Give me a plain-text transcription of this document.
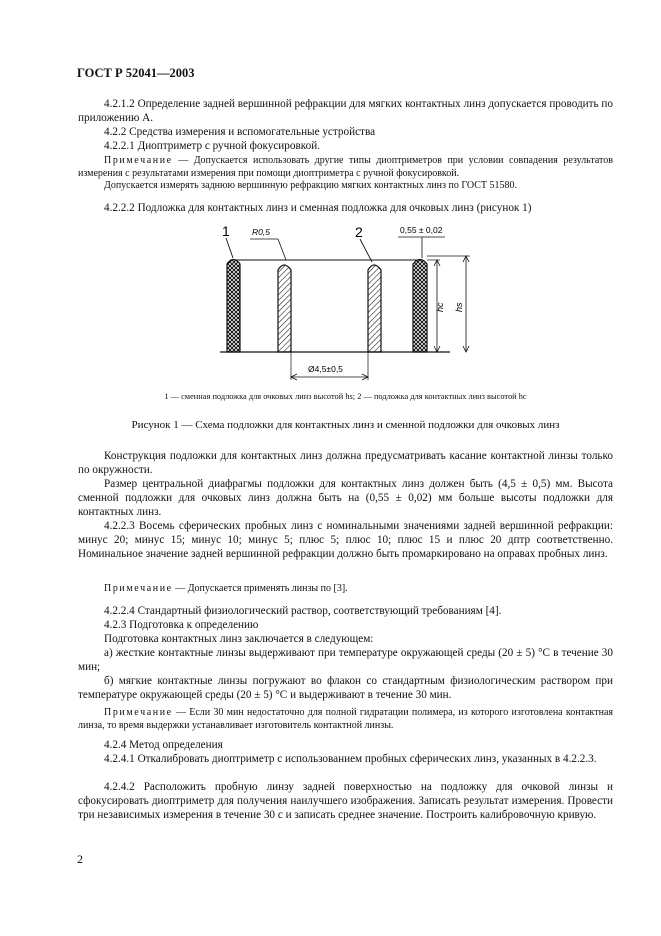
ГОСТ Р 52041—2003
4.2.1.2 Определение задней вершинной рефракции для мягких контактных линз допускается проводить по приложению А.
4.2.2 Средства измерения и вспомогательные устройства
4.2.2.1 Диоптриметр с ручной фокусировкой.
Примечание — Допускается использовать другие типы диоптриметров при условии совпадения результатов измерения с результатами измерения при помощи диоптриметра с ручной фокусировкой.
Допускается измерять заднюю вершинную рефракцию мягких контактных линз по ГОСТ 51580.
4.2.2.2 Подложка для контактных линз и сменная подложка для очковых линз (рисунок 1)
1	2
R0,5	0,55 ± 0,02
hc hs
Ø4,5±0,5
1 — сменная подложка для очковых линз высотой hs; 2 — подложка для контактных линз высотой hc
Рисунок 1 — Схема подложки для контактных линз и сменной подложки для очковых линз
Конструкция подложки для контактных линз должна предусматривать касание контактной линзы только по окружности.
Размер центральной диафрагмы подложки для контактных линз должен быть (4,5 ± 0,5) мм. Высота сменной подложки для очковых линз должна быть на (0,55 ± 0,02) мм больше высоты подложки для контактных линз.
4.2.2.3 Восемь сферических пробных линз с номинальными значениями задней вершинной рефракции: минус 20; минус 15; минус 10; минус 5; плюс 5; плюс 10; плюс 15 и плюс 20 дптр соответственно. Номинальное значение задней вершинной рефракции должно быть промаркировано на оправах пробных линз.
Примечание — Допускается применять линзы по [3].
4.2.2.4 Стандартный физиологический раствор, соответствующий требованиям [4].
4.2.3 Подготовка к определению
Подготовка контактных линз заключается в следующем:
а) жесткие контактные линзы выдерживают при температуре окружающей среды (20 ± 5) °С в течение 30 мин;
б) мягкие контактные линзы погружают во флакон со стандартным физиологическим раствором при температуре окружающей среды (20 ± 5) °С и выдерживают в течение 30 мин.
Примечание — Если 30 мин недостаточно для полной гидратации полимера, из которого изготовлена контактная линза, то время выдержки устанавливает изготовитель контактной линзы.
4.2.4 Метод определения
4.2.4.1 Откалибровать диоптриметр с использованием пробных сферических линз, указанных в 4.2.2.3.
4.2.4.2 Расположить пробную линзу задней поверхностью на подложку для очковой линзы и сфокусировать диоптриметр для получения наилучшего изображения. Записать результат измерения. Провести три независимых измерения в течение 30 с и записать среднее значение. Построить калибровочную кривую.
2
